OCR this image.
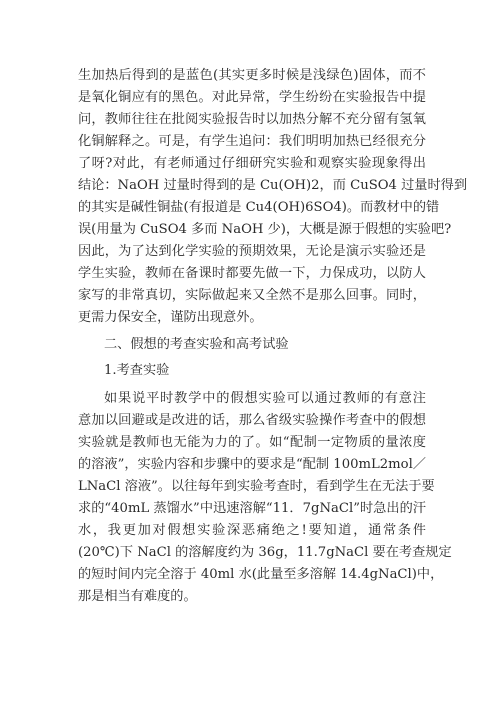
生加热后得到的是蓝色(其实更多时候是浅绿色)固体，而不
是氧化铜应有的黑色。对此异常，学生纷纷在实验报告中提
问，教师往往在批阅实验报告时以加热分解不充分留有氢氧
化铜解释之。可是，有学生追问：我们明明加热已经很充分
了呀?对此，有老师通过仔细研究实验和观察实验现象得出
结论：NaOH 过量时得到的是 Cu(OH)2，而 CuSO4 过量时得到
的其实是碱性铜盐(有报道是 Cu4(OH)6SO4)。而教材中的错
误(用量为 CuSO4 多而 NaOH 少)，大概是源于假想的实验吧?
因此，为了达到化学实验的预期效果，无论是演示实验还是
学生实验，教师在备课时都要先做一下，力保成功，以防人
家写的非常真切，实际做起来又全然不是那么回事。同时，
更需力保安全，谨防出现意外。
二、假想的考查实验和高考试验
1.考查实验
如果说平时教学中的假想实验可以通过教师的有意注
意加以回避或是改进的话，那么省级实验操作考查中的假想
实验就是教师也无能为力的了。如“配制一定物质的量浓度
的溶液”，实验内容和步骤中的要求是“配制 100mL2mol／
LNaCl 溶液”。以往每年到实验考查时，看到学生在无法于要
求的“40mL 蒸馏水”中迅速溶解“11．7gNaCl”时急出的汗
水，我更加对假想实验深恶痛绝之!要知道，通常条件
(20℃)下 NaCl 的溶解度约为 36g，11.7gNaCl 要在考查规定
的短时间内完全溶于 40ml 水(此量至多溶解 14.4gNaCl)中，
那是相当有难度的。
